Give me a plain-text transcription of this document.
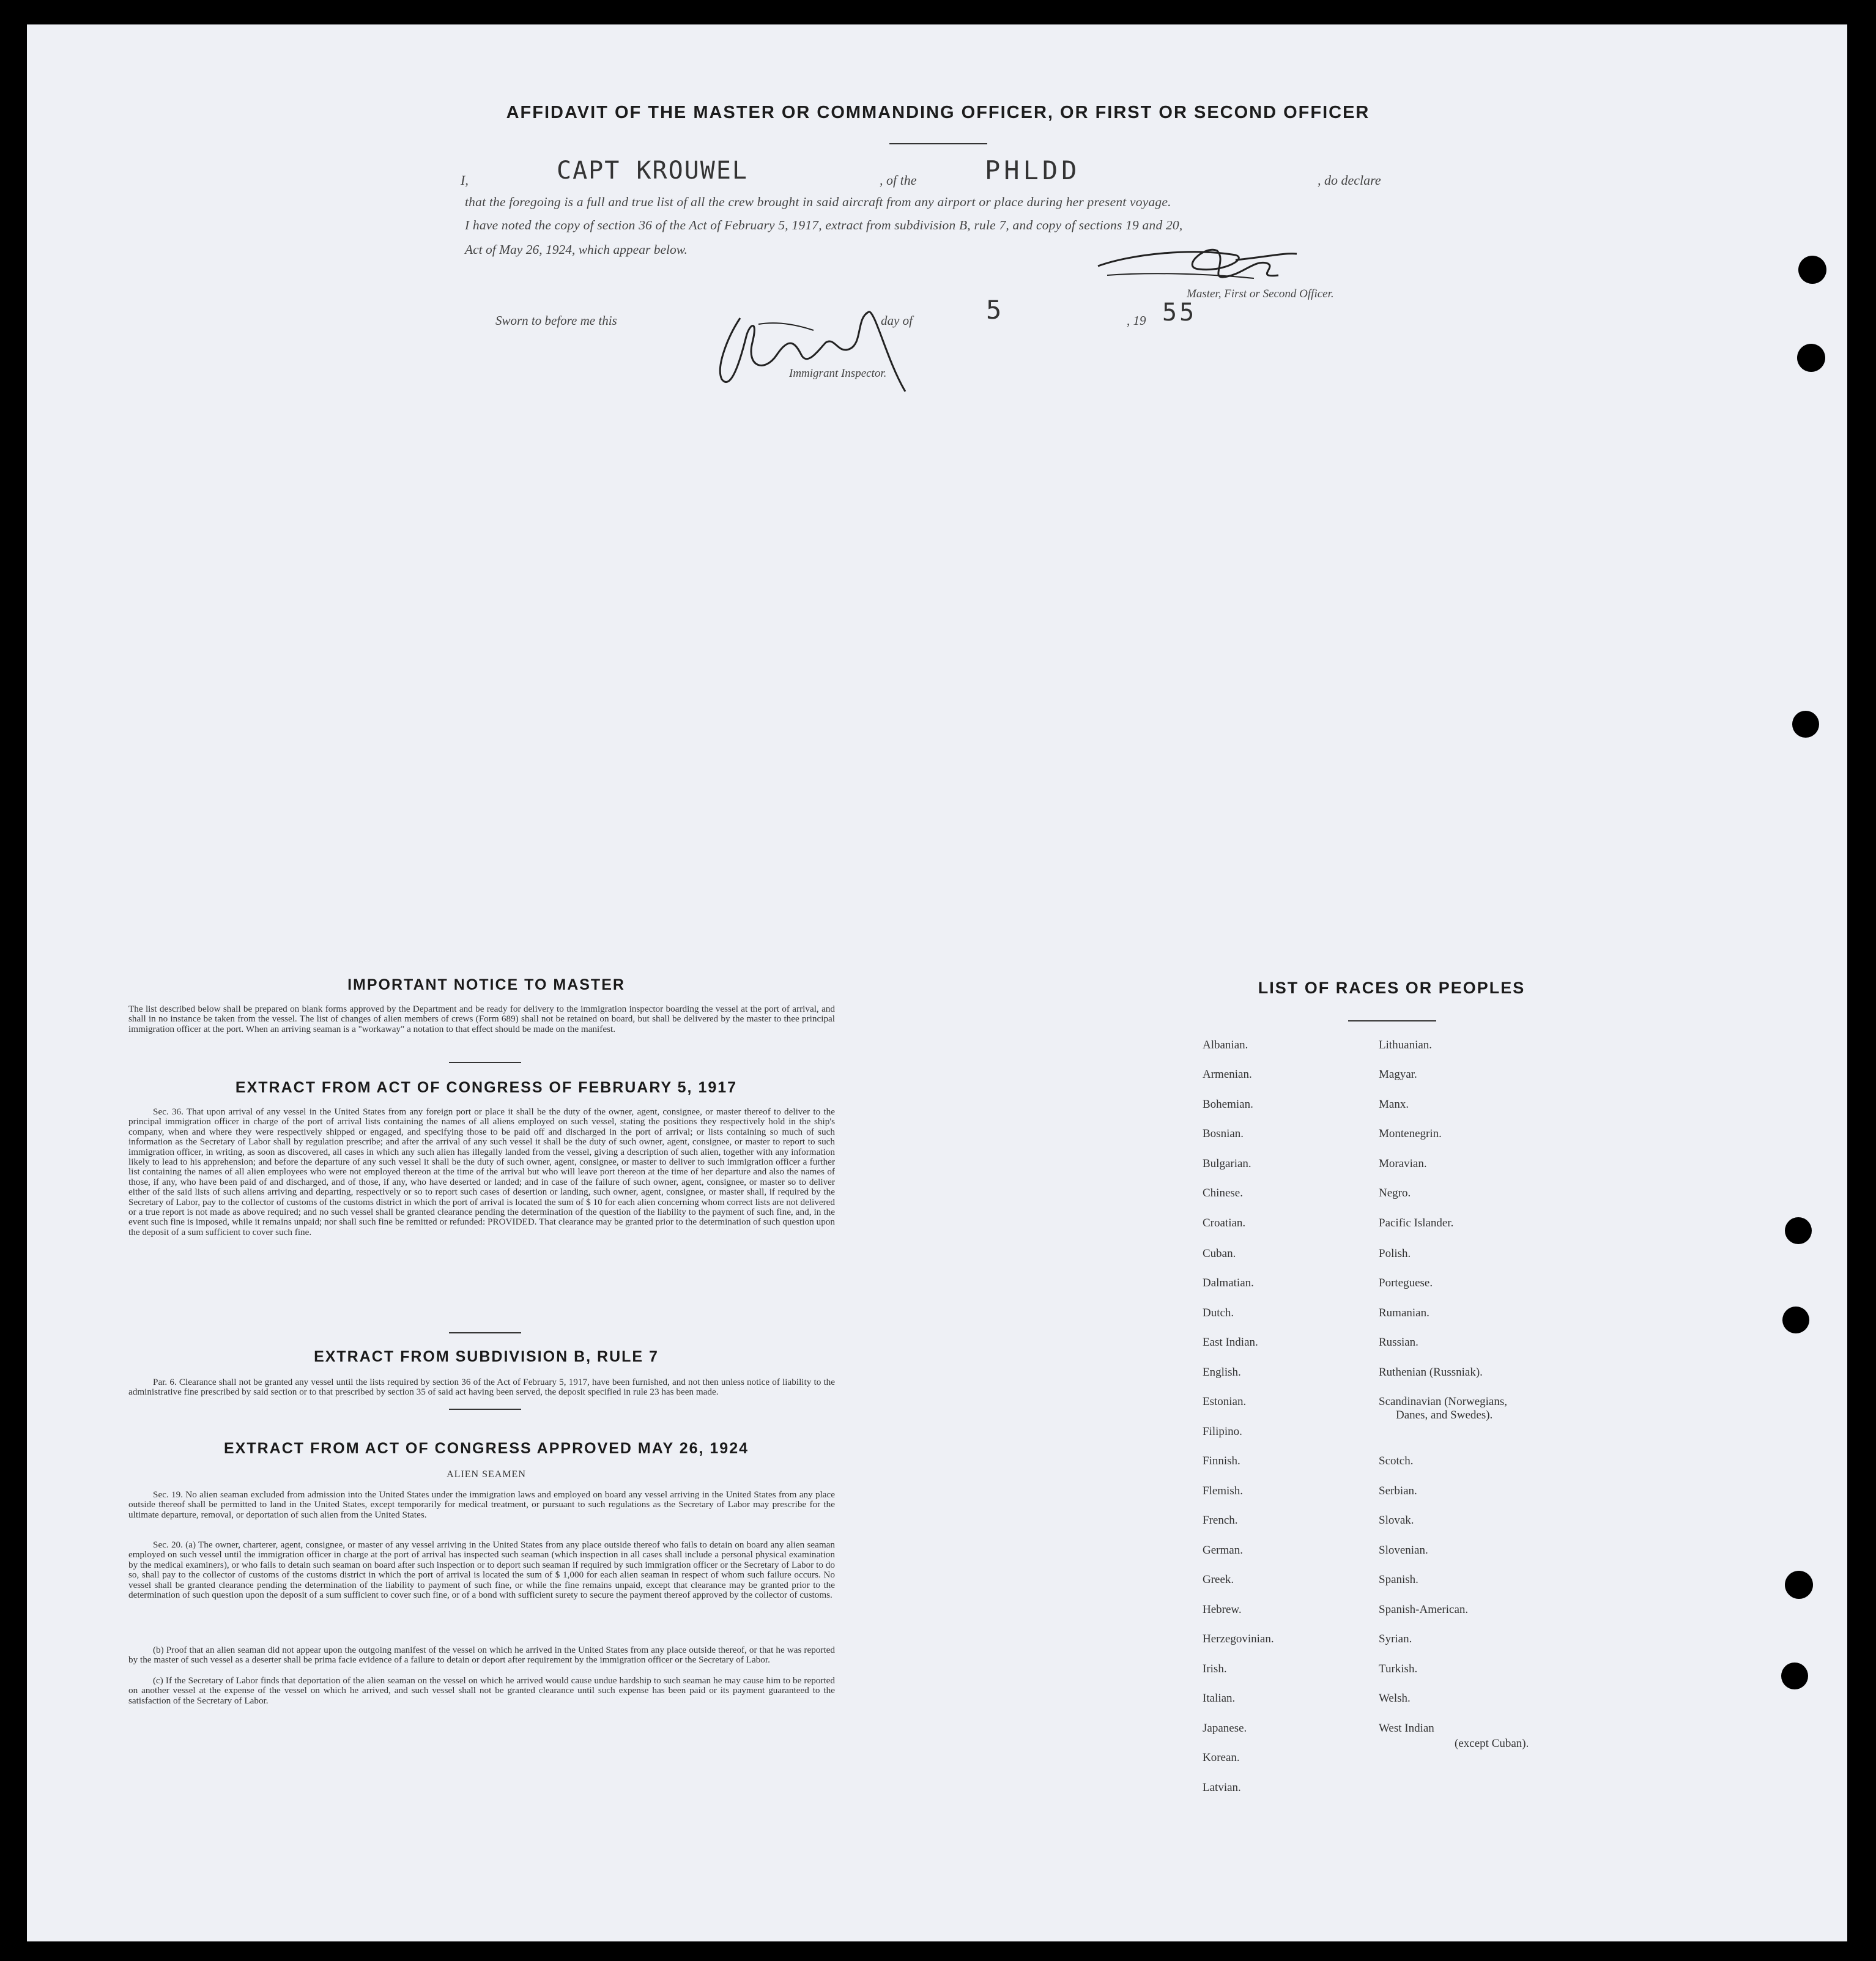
AFFIDAVIT OF THE MASTER OR COMMANDING OFFICER, OR FIRST OR SECOND OFFICER
I,	CAPT KROUWEL	, of the	PHLDD	, do declare
that the foregoing is a full and true list of all the crew brought in said aircraft from any airport or place during her present voyage.
I have noted the copy of section 36 of the Act of February 5, 1917, extract from subdivision B, rule 7, and copy of sections 19 and 20,
Act of May 26, 1924, which appear below.
Master, First or Second Officer.
Sworn to before me this	day of	5	, 19 55
Immigrant Inspector.
IMPORTANT NOTICE TO MASTER
The list described below shall be prepared on blank forms approved by the Department and be ready for delivery to the immigration inspector boarding the vessel at the port of arrival, and shall in no instance be taken from the vessel. The list of changes of alien members of crews (Form 689) shall not be retained on board, but shall be delivered by the master to thee principal immigration officer at the port. When an arriving seaman is a "workaway" a notation to that effect should be made on the manifest.
EXTRACT FROM ACT OF CONGRESS OF FEBRUARY 5, 1917
Sec. 36. That upon arrival of any vessel in the United States from any foreign port or place it shall be the duty of the owner, agent, consignee, or master thereof to deliver to the principal immigration officer in charge of the port of arrival lists containing the names of all aliens employed on such vessel, stating the positions they respectively hold in the ship's company, when and where they were respectively shipped or engaged, and specifying those to be paid off and discharged in the port of arrival; or lists containing so much of such information as the Secretary of Labor shall by regulation prescribe; and after the arrival of any such vessel it shall be the duty of such owner, agent, consignee, or master to report to such immigration officer, in writing, as soon as discovered, all cases in which any such alien has illegally landed from the vessel, giving a description of such alien, together with any information likely to lead to his apprehension; and before the departure of any such vessel it shall be the duty of such owner, agent, consignee, or master to deliver to such immigration officer a further list containing the names of all alien employees who were not employed thereon at the time of the arrival but who will leave port thereon at the time of her departure and also the names of those, if any, who have been paid of and discharged, and of those, if any, who have deserted or landed; and in case of the failure of such owner, agent, consignee, or master so to deliver either of the said lists of such aliens arriving and departing, respectively or so to report such cases of desertion or landing, such owner, agent, consignee, or master shall, if required by the Secretary of Labor, pay to the collector of customs of the customs district in which the port of arrival is located the sum of $ 10 for each alien concerning whom correct lists are not delivered or a true report is not made as above required; and no such vessel shall be granted clearance pending the determination of the question of the liability to the payment of such fine, and, in the event such fine is imposed, while it remains unpaid; nor shall such fine be remitted or refunded: PROVIDED. That clearance may be granted prior to the determination of such question upon the deposit of a sum sufficient to cover such fine.
EXTRACT FROM SUBDIVISION B, RULE 7
Par. 6. Clearance shall not be granted any vessel until the lists required by section 36 of the Act of February 5, 1917, have been furnished, and not then unless notice of liability to the administrative fine prescribed by said section or to that prescribed by section 35 of said act having been served, the deposit specified in rule 23 has been made.
EXTRACT FROM ACT OF CONGRESS APPROVED MAY 26, 1924
ALIEN SEAMEN
Sec. 19. No alien seaman excluded from admission into the United States under the immigration laws and employed on board any vessel arriving in the United States from any place outside thereof shall be permitted to land in the United States, except temporarily for medical treatment, or pursuant to such regulations as the Secretary of Labor may prescribe for the ultimate departure, removal, or deportation of such alien from the United States.
Sec. 20. (a) The owner, charterer, agent, consignee, or master of any vessel arriving in the United States from any place outside thereof who fails to detain on board any alien seaman employed on such vessel until the immigration officer in charge at the port of arrival has inspected such seaman (which inspection in all cases shall include a personal physical examination by the medical examiners), or who fails to detain such seaman on board after such inspection or to deport such seaman if required by such immigration officer or the Secretary of Labor to do so, shall pay to the collector of customs of the customs district in which the port of arrival is located the sum of $ 1,000 for each alien seaman in respect of whom such failure occurs. No vessel shall be granted clearance pending the determination of the liability to payment of such fine, or while the fine remains unpaid, except that clearance may be granted prior to the determination of such question upon the deposit of a sum sufficient to cover such fine, or of a bond with sufficient surety to secure the payment thereof approved by the collector of customs.
(b) Proof that an alien seaman did not appear upon the outgoing manifest of the vessel on which he arrived in the United States from any place outside thereof, or that he was reported by the master of such vessel as a deserter shall be prima facie evidence of a failure to detain or deport after requirement by the immigration officer or the Secretary of Labor.
(c) If the Secretary of Labor finds that deportation of the alien seaman on the vessel on which he arrived would cause undue hardship to such seaman he may cause him to be reported on another vessel at the expense of the vessel on which he arrived, and such vessel shall not be granted clearance until such expense has been paid or its payment guaranteed to the satisfaction of the Secretary of Labor.
LIST OF RACES OR PEOPLES
Albanian.
Armenian.
Bohemian.
Bosnian.
Bulgarian.
Chinese.
Croatian.
Cuban.
Dalmatian.
Dutch.
East Indian.
English.
Estonian.
Filipino.
Finnish.
Flemish.
French.
German.
Greek.
Hebrew.
Herzegovinian.
Irish.
Italian.
Japanese.
Korean.
Latvian.
Lithuanian.
Magyar.
Manx.
Montenegrin.
Moravian.
Negro.
Pacific Islander.
Polish.
Porteguese.
Rumanian.
Russian.
Ruthenian (Russniak).
Scandinavian (Norwegians,
Danes, and Swedes).
Scotch.
Serbian.
Slovak.
Slovenian.
Spanish.
Spanish-American.
Syrian.
Turkish.
Welsh.
West Indian
(except Cuban).
